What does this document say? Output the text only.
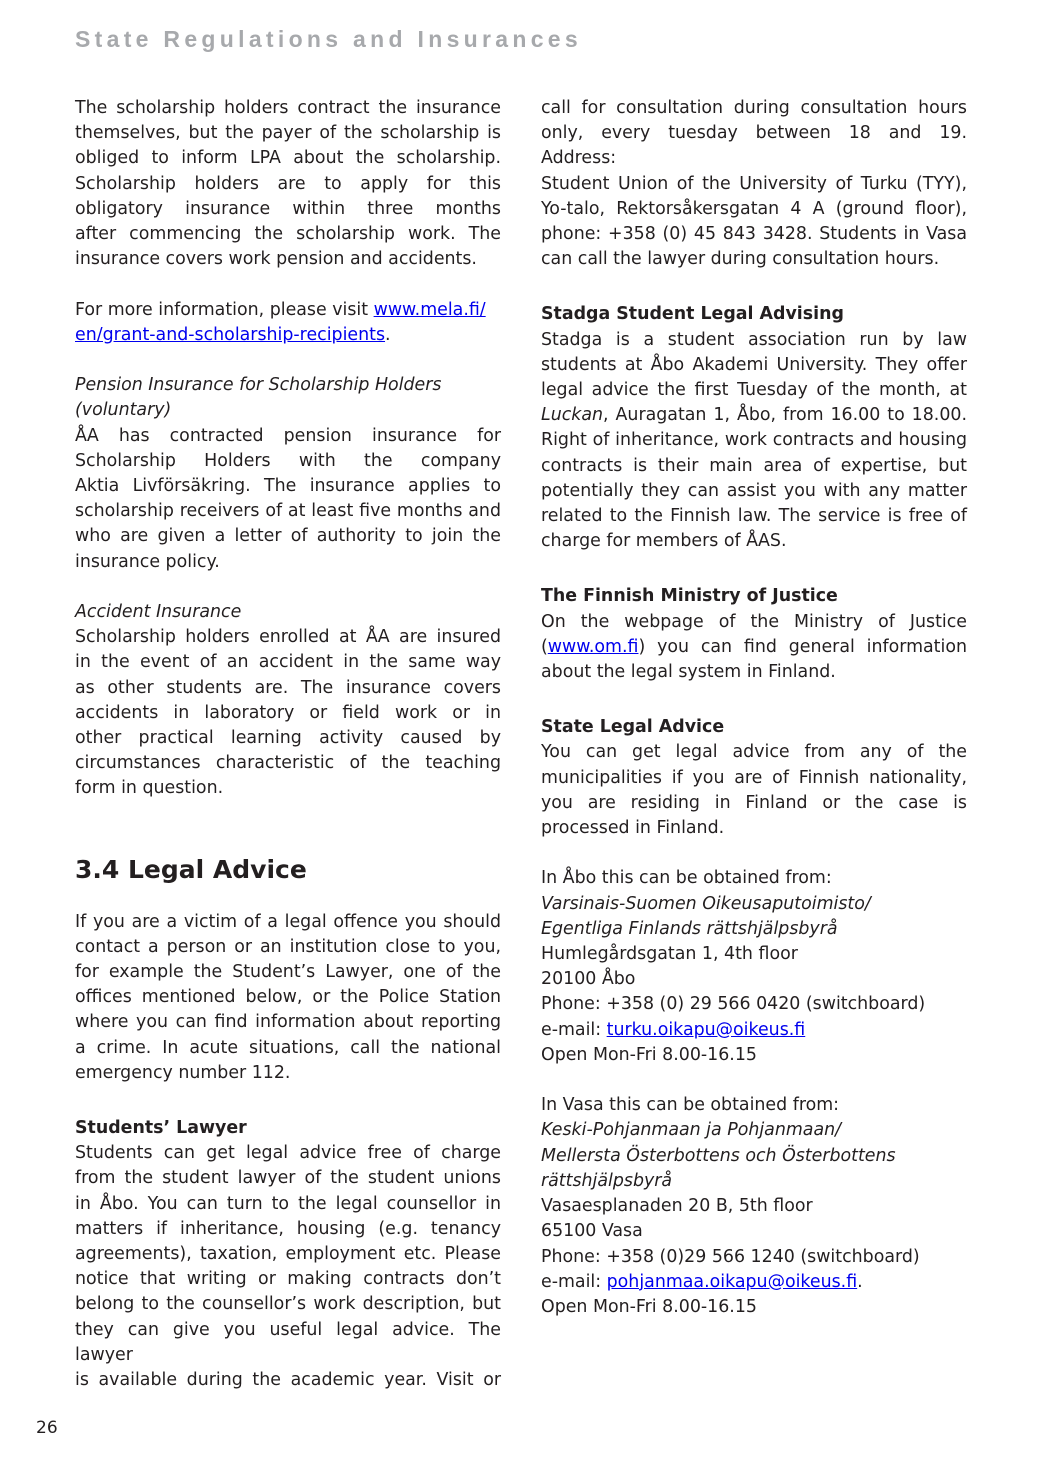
State Regulations and Insurances

The scholarship holders contract the insurance
themselves, but the payer of the scholarship is
obliged to inform LPA about the scholarship.
Scholarship holders are to apply for this
obligatory insurance within three months
after commencing the scholarship work. The
insurance covers work pension and accidents.

For more information, please visit www.mela.fi/
en/grant-and-scholarship-recipients.

Pension Insurance for Scholarship Holders
(voluntary)

ÅA has contracted pension insurance for
Scholarship Holders with the company
Aktia Livförsäkring. The insurance applies to
scholarship receivers of at least five months and
who are given a letter of authority to join the
insurance policy.

Accident Insurance

Scholarship holders enrolled at ÅA are insured
in the event of an accident in the same way
as other students are. The insurance covers
accidents in laboratory or field work or in
other practical learning activity caused by
circumstances characteristic of the teaching
form in question.

3.4 Legal Advice

If you are a victim of a legal offence you should
contact a person or an institution close to you,
for example the Student’s Lawyer, one of the
offices mentioned below, or the Police Station
where you can find information about reporting
a crime. In acute situations, call the national
emergency number 112.

Students’ Lawyer

Students can get legal advice free of charge
from the student lawyer of the student unions
in Åbo. You can turn to the legal counsellor in
matters if inheritance, housing (e.g. tenancy
agreements), taxation, employment etc. Please
notice that writing or making contracts don’t
belong to the counsellor’s work description, but
they can give you useful legal advice. The lawyer
is available during the academic year. Visit or

call for consultation during consultation hours
only, every tuesday between 18 and 19. Address:
Student Union of the University of Turku (TYY),
Yo-talo, Rektorsåkersgatan 4 A (ground floor),
phone: +358 (0) 45 843 3428. Students in Vasa
can call the lawyer during consultation hours.

Stadga Student Legal Advising

Stadga is a student association run by law
students at Åbo Akademi University. They offer
legal advice the first Tuesday of the month, at
Luckan, Auragatan 1, Åbo, from 16.00 to 18.00.
Right of inheritance, work contracts and housing
contracts is their main area of expertise, but
potentially they can assist you with any matter
related to the Finnish law. The service is free of
charge for members of ÅAS.

The Finnish Ministry of Justice

On the webpage of the Ministry of Justice
(www.om.fi) you can find general information
about the legal system in Finland.

State Legal Advice

You can get legal advice from any of the
municipalities if you are of Finnish nationality,
you are residing in Finland or the case is
processed in Finland.

In Åbo this can be obtained from:
Varsinais-Suomen Oikeusaputoimisto/
Egentliga Finlands rättshjälpsbyrå
Humlegårdsgatan 1, 4th floor
20100 Åbo
Phone: +358 (0) 29 566 0420 (switchboard)
e-mail: turku.oikapu@oikeus.fi
Open Mon-Fri 8.00-16.15

In Vasa this can be obtained from:
Keski-Pohjanmaan ja Pohjanmaan/
Mellersta Österbottens och Österbottens
rättshjälpsbyrå
Vasaesplanaden 20 B, 5th floor
65100 Vasa
Phone: +358 (0)29 566 1240 (switchboard)
e-mail: pohjanmaa.oikapu@oikeus.fi.
Open Mon-Fri 8.00-16.15

26
